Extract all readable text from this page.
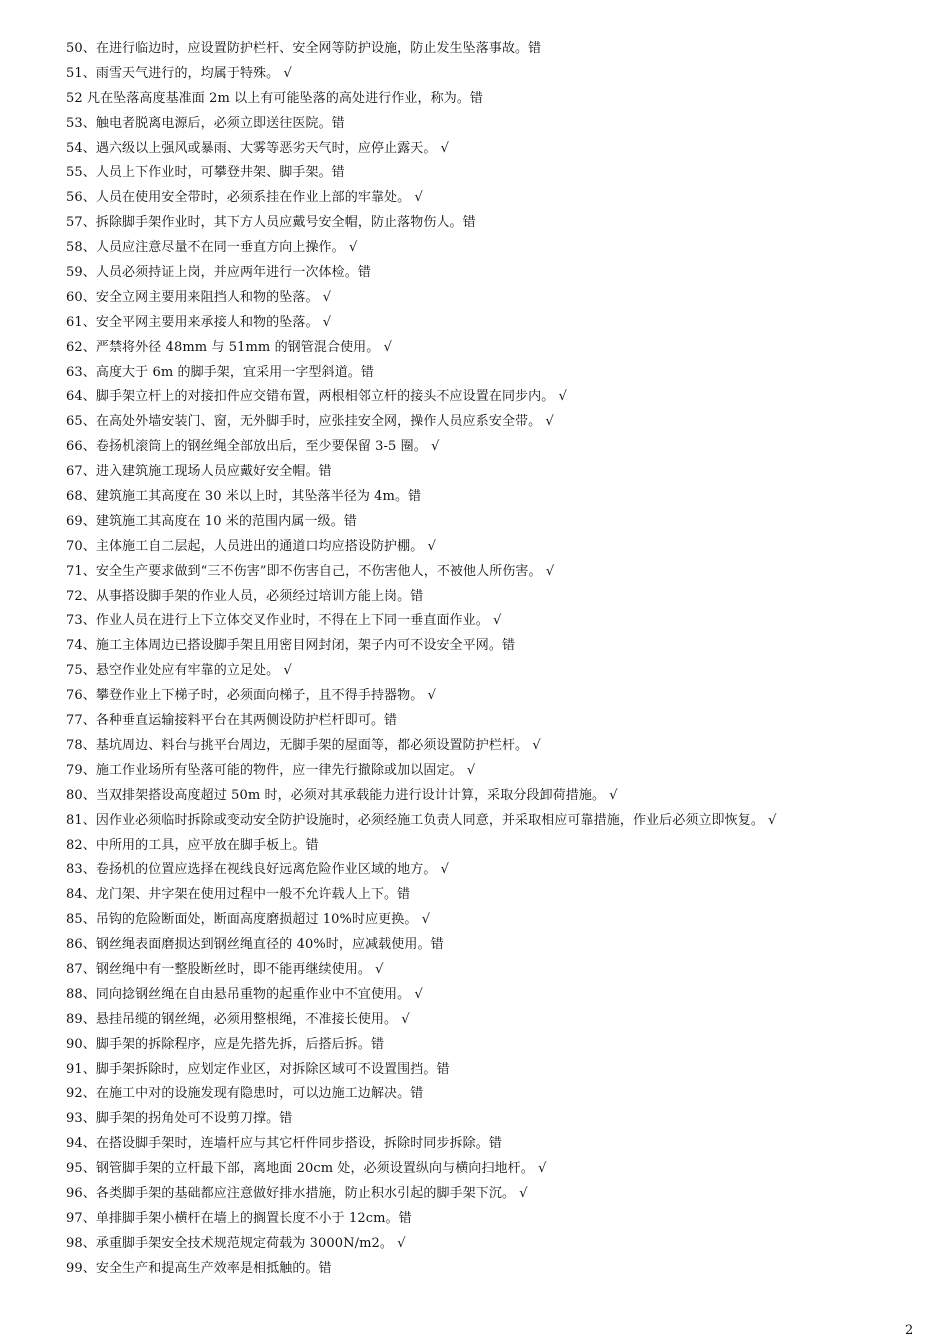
50、在进行临边时，应设置防护栏杆、安全网等防护设施，防止发生坠落事故。错
51、雨雪天气进行的，均属于特殊。 √
52 凡在坠落高度基准面 2m 以上有可能坠落的高处进行作业，称为。错
53、触电者脱离电源后，必须立即送往医院。错
54、遇六级以上强风或暴雨、大雾等恶劣天气时，应停止露天。 √
55、人员上下作业时，可攀登井架、脚手架。错
56、人员在使用安全带时，必须系挂在作业上部的牢靠处。 √
57、拆除脚手架作业时，其下方人员应戴号安全帽，防止落物伤人。错
58、人员应注意尽量不在同一垂直方向上操作。 √
59、人员必须持证上岗，并应两年进行一次体检。错
60、安全立网主要用来阻挡人和物的坠落。 √
61、安全平网主要用来承接人和物的坠落。 √
62、严禁将外径 48mm 与 51mm 的钢管混合使用。 √
63、高度大于 6m 的脚手架，宜采用一字型斜道。错
64、脚手架立杆上的对接扣件应交错布置，两根相邻立杆的接头不应设置在同步内。 √
65、在高处外墙安装门、窗，无外脚手时，应张挂安全网，操作人员应系安全带。 √
66、卷扬机滚筒上的钢丝绳全部放出后，至少要保留 3-5 圈。 √
67、进入建筑施工现场人员应戴好安全帽。错
68、建筑施工其高度在 30 米以上时，其坠落半径为 4m。错
69、建筑施工其高度在 10 米的范围内属一级。错
70、主体施工自二层起，人员进出的通道口均应搭设防护棚。 √
71、安全生产要求做到“三不伤害”即不伤害自己，不伤害他人，不被他人所伤害。 √
72、从事搭设脚手架的作业人员，必须经过培训方能上岗。错
73、作业人员在进行上下立体交叉作业时，不得在上下同一垂直面作业。 √
74、施工主体周边已搭设脚手架且用密目网封闭，架子内可不设安全平网。错
75、悬空作业处应有牢靠的立足处。 √
76、攀登作业上下梯子时，必须面向梯子，且不得手持器物。 √
77、各种垂直运输接料平台在其两侧设防护栏杆即可。错
78、基坑周边、料台与挑平台周边，无脚手架的屋面等，都必须设置防护栏杆。 √
79、施工作业场所有坠落可能的物件，应一律先行撤除或加以固定。 √
80、当双排架搭设高度超过 50m 时，必须对其承载能力进行设计计算，采取分段卸荷措施。 √
81、因作业必须临时拆除或变动安全防护设施时，必须经施工负责人同意，并采取相应可靠措施，作业后必须立即恢复。 √
82、中所用的工具，应平放在脚手板上。错
83、卷扬机的位置应选择在视线良好远离危险作业区域的地方。 √
84、龙门架、井字架在使用过程中一般不允许载人上下。错
85、吊钩的危险断面处，断面高度磨损超过 10%时应更换。 √
86、钢丝绳表面磨损达到钢丝绳直径的 40%时，应减载使用。错
87、钢丝绳中有一整股断丝时，即不能再继续使用。 √
88、同向捻钢丝绳在自由悬吊重物的起重作业中不宜使用。 √
89、悬挂吊缆的钢丝绳，必须用整根绳，不准接长使用。 √
90、脚手架的拆除程序，应是先搭先拆，后搭后拆。错
91、脚手架拆除时，应划定作业区，对拆除区域可不设置围挡。错
92、在施工中对的设施发现有隐患时，可以边施工边解决。错
93、脚手架的拐角处可不设剪刀撑。错
94、在搭设脚手架时，连墙杆应与其它杆件同步搭设，拆除时同步拆除。错
95、钢管脚手架的立杆最下部，离地面 20cm 处，必须设置纵向与横向扫地杆。 √
96、各类脚手架的基础都应注意做好排水措施，防止积水引起的脚手架下沉。 √
97、单排脚手架小横杆在墙上的搁置长度不小于 12cm。错
98、承重脚手架安全技术规范规定荷载为 3000N/m2。 √
99、安全生产和提高生产效率是相抵触的。错
2
